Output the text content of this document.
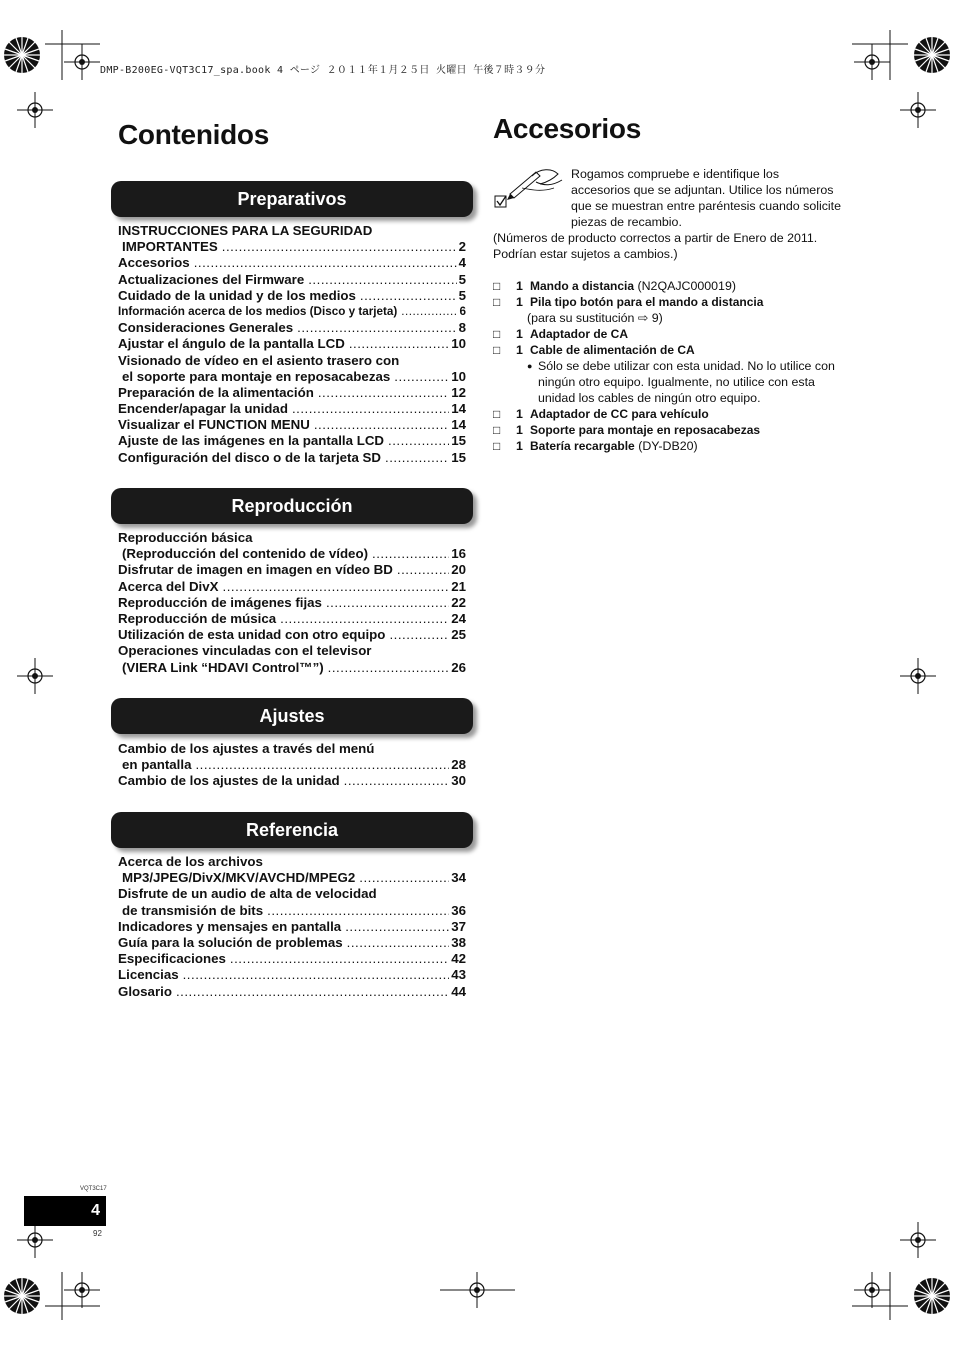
DMP-B200EG-VQT3C17_spa.book 4 ページ ２０１１年１月２５日 火曜日 午後７時３９分
Contenidos	Accesorios
Preparativos
INSTRUCCIONES PARA LA SEGURIDAD
IMPORTANTES .....	2
Accesorios .....	4
Actualizaciones del Firmware .....	5
Cuidado de la unidad y de los medios .....	5
Información acerca de los medios (Disco y tarjeta) .....	6
Consideraciones Generales .....	8
Ajustar el ángulo de la pantalla LCD .....	10
Visionado de vídeo en el asiento trasero con
el soporte para montaje en reposacabezas .....	10
Preparación de la alimentación .....	12
Encender/apagar la unidad .....	14
Visualizar el FUNCTION MENU .....	14
Ajuste de las imágenes en la pantalla LCD .....	15
Configuración del disco o de la tarjeta SD .....	15
Reproducción
Reproducción básica
(Reproducción del contenido de vídeo) .....	16
Disfrutar de imagen en imagen en vídeo BD .....	20
Acerca del DivX .....	21
Reproducción de imágenes fijas .....	22
Reproducción de música .....	24
Utilización de esta unidad con otro equipo .....	25
Operaciones vinculadas con el televisor
(VIERA Link “HDAVI Control™”) .....	26
Ajustes
Cambio de los ajustes a través del menú
en pantalla .....	28
Cambio de los ajustes de la unidad .....	30
Referencia
Acerca de los archivos
MP3/JPEG/DivX/MKV/AVCHD/MPEG2 .....	34
Disfrute de un audio de alta de velocidad
de transmisión de bits .....	36
Indicadores y mensajes en pantalla .....	37
Guía para la solución de problemas .....	38
Especificaciones .....	42
Licencias .....	43
Glosario .....	44
Rogamos compruebe e identifique los
accesorios que se adjuntan. Utilice los números
que se muestran entre paréntesis cuando solicite
piezas de recambio.
(Números de producto correctos a partir de Enero de 2011.
Podrían estar sujetos a cambios.)
□	1 Mando a distancia
(N2QAJC000019)
□	1 Pila tipo botón para el mando a distancia
(para su sustitución ⇨ 9)
□	1 Adaptador de CA
□	1 Cable de alimentación de CA
● Sólo se debe utilizar con esta unidad. No lo utilice con
ningún otro equipo. Igualmente, no utilice con esta
unidad los cables de ningún otro equipo.
□	1 Adaptador de CC para vehículo
□	1 Soporte para montaje en reposacabezas
□	1 Batería recargable
(DY-DB20)
VQT3C17
4
92
